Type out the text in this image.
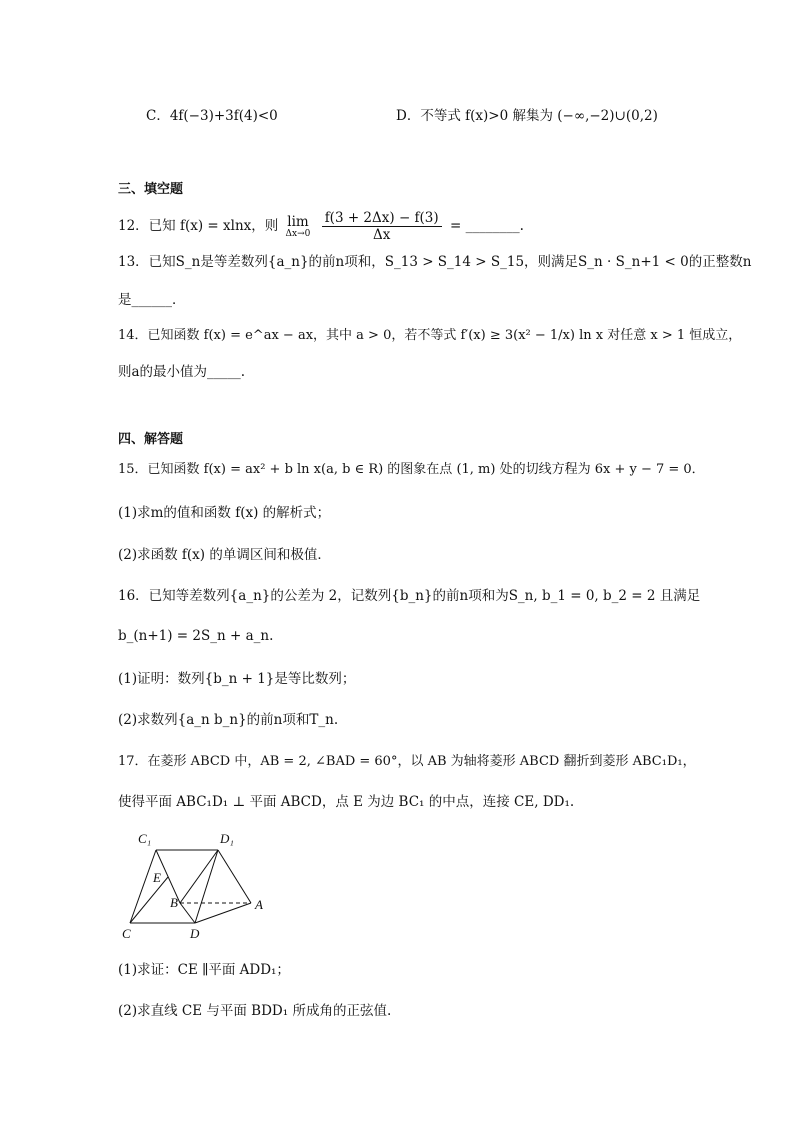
C．4f(−3)+3f(4)<0	D．不等式 f(x)>0 解集为 (−∞,−2)∪(0,2)
三、填空题
12．已知 f(x) = xlnx，则 lim
Δx→0
$\frac{f(3 + 2\Delta x) - f(3)}{\Delta x}$ = ________.
13．已知S_n是等差数列{a_n}的前n项和，S_13 > S_14 > S_15，则满足S_n · S_n+1 < 0的正整数n
是______．
14．已知函数 f(x) = e^ax − ax，其中 a > 0，若不等式 f′(x) ≥ 3(x² − 1/x) ln x 对任意 x > 1 恒成立，
则a的最小值为_____.
四、解答题
15．已知函数 f(x) = ax² + b ln x(a, b ∈ R) 的图象在点 (1, m) 处的切线方程为 6x + y − 7 = 0．
(1)求m的值和函数 f(x) 的解析式；
(2)求函数 f(x) 的单调区间和极值．
16．已知等差数列{a_n}的公差为 2，记数列{b_n}的前n项和为S_n, b_1 = 0, b_2 = 2 且满足
b_(n+1) = 2S_n + a_n.
(1)证明：数列{b_n + 1}是等比数列；
(2)求数列{a_n b_n}的前n项和T_n.
17．在菱形 ABCD 中，AB = 2, ∠BAD = 60°，以 AB 为轴将菱形 ABCD 翻折到菱形 ABC₁D₁，
使得平面 ABC₁D₁ ⊥ 平面 ABCD，点 E 为边 BC₁ 的中点，连接 CE, DD₁.
C₁	D₁
E
B	A
C	D
(1)求证：CE ∥平面 ADD₁；
(2)求直线 CE 与平面 BDD₁ 所成角的正弦值.
